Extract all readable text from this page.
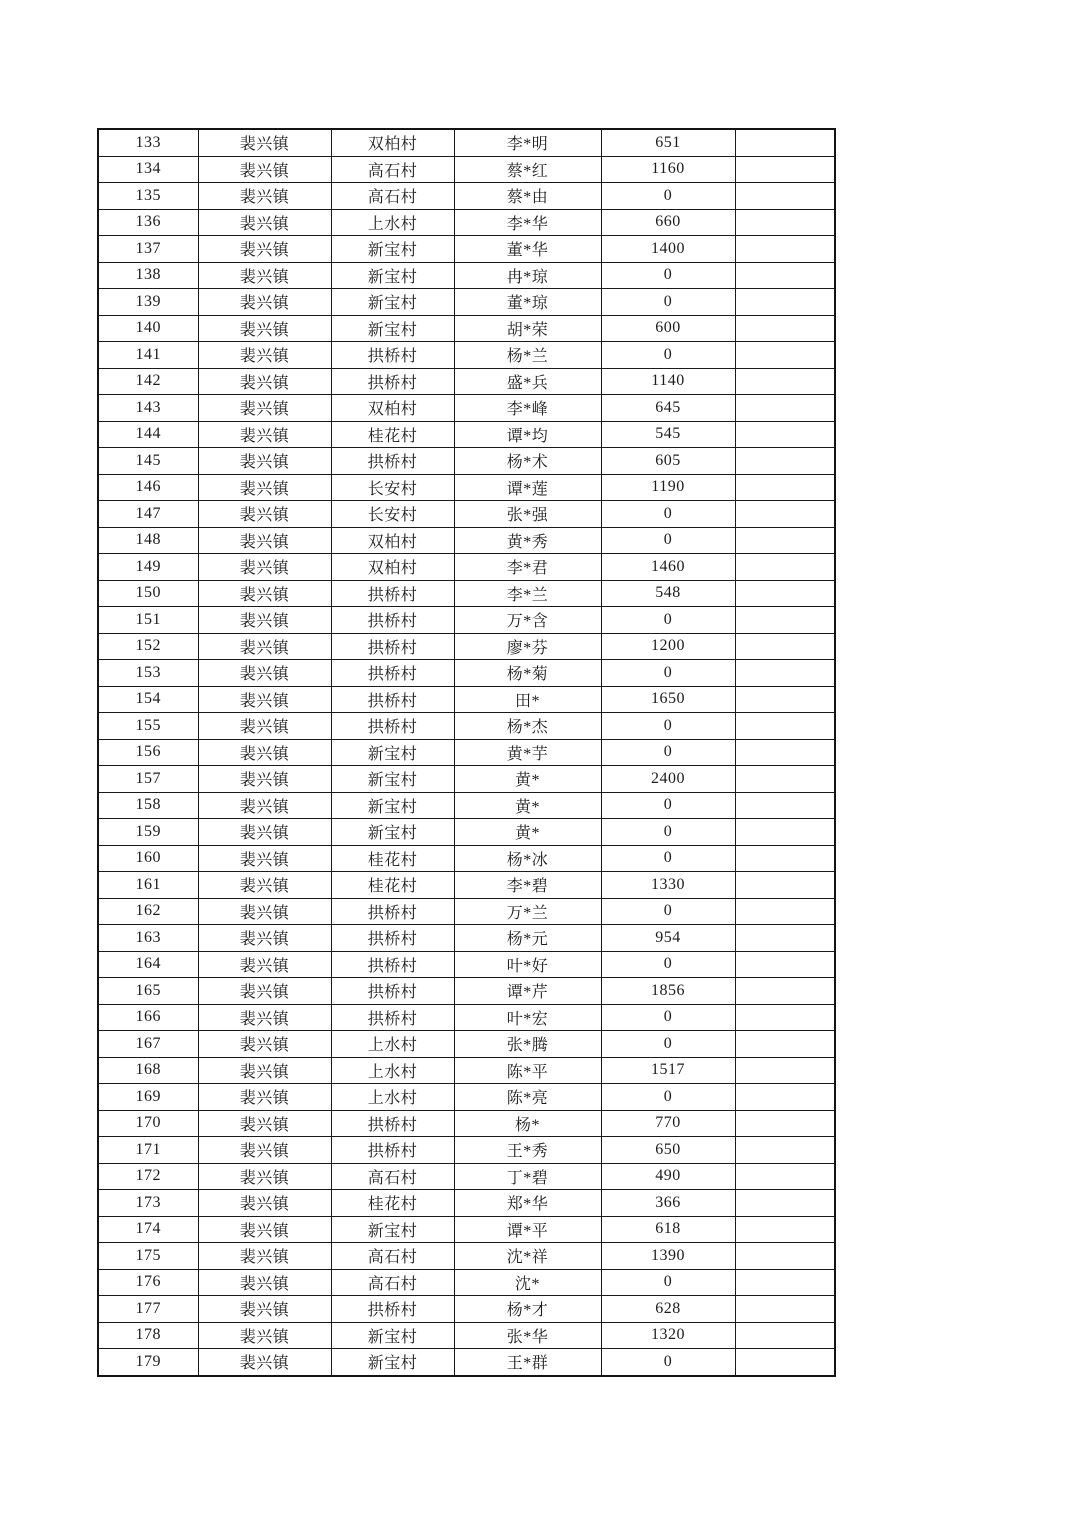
133	裴兴镇	双柏村	李*明	651	
134	裴兴镇	高石村	蔡*红	1160	
135	裴兴镇	高石村	蔡*由	0	
136	裴兴镇	上水村	李*华	660	
137	裴兴镇	新宝村	董*华	1400	
138	裴兴镇	新宝村	冉*琼	0	
139	裴兴镇	新宝村	董*琼	0	
140	裴兴镇	新宝村	胡*荣	600	
141	裴兴镇	拱桥村	杨*兰	0	
142	裴兴镇	拱桥村	盛*兵	1140	
143	裴兴镇	双柏村	李*峰	645	
144	裴兴镇	桂花村	谭*均	545	
145	裴兴镇	拱桥村	杨*术	605	
146	裴兴镇	长安村	谭*莲	1190	
147	裴兴镇	长安村	张*强	0	
148	裴兴镇	双柏村	黄*秀	0	
149	裴兴镇	双柏村	李*君	1460	
150	裴兴镇	拱桥村	李*兰	548	
151	裴兴镇	拱桥村	万*含	0	
152	裴兴镇	拱桥村	廖*芬	1200	
153	裴兴镇	拱桥村	杨*菊	0	
154	裴兴镇	拱桥村	田*	1650	
155	裴兴镇	拱桥村	杨*杰	0	
156	裴兴镇	新宝村	黄*芋	0	
157	裴兴镇	新宝村	黄*	2400	
158	裴兴镇	新宝村	黄*	0	
159	裴兴镇	新宝村	黄*	0	
160	裴兴镇	桂花村	杨*冰	0	
161	裴兴镇	桂花村	李*碧	1330	
162	裴兴镇	拱桥村	万*兰	0	
163	裴兴镇	拱桥村	杨*元	954	
164	裴兴镇	拱桥村	叶*好	0	
165	裴兴镇	拱桥村	谭*芹	1856	
166	裴兴镇	拱桥村	叶*宏	0	
167	裴兴镇	上水村	张*腾	0	
168	裴兴镇	上水村	陈*平	1517	
169	裴兴镇	上水村	陈*亮	0	
170	裴兴镇	拱桥村	杨*	770	
171	裴兴镇	拱桥村	王*秀	650	
172	裴兴镇	高石村	丁*碧	490	
173	裴兴镇	桂花村	郑*华	366	
174	裴兴镇	新宝村	谭*平	618	
175	裴兴镇	高石村	沈*祥	1390	
176	裴兴镇	高石村	沈*	0	
177	裴兴镇	拱桥村	杨*才	628	
178	裴兴镇	新宝村	张*华	1320	
179	裴兴镇	新宝村	王*群	0	
